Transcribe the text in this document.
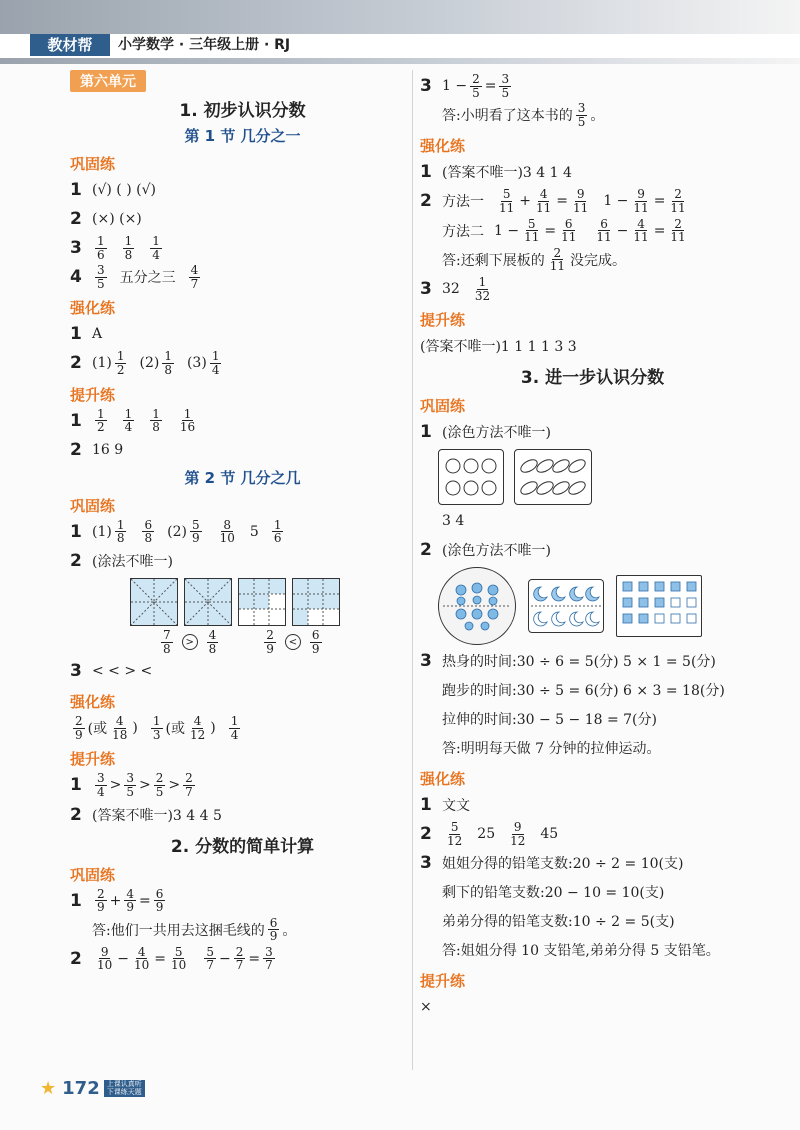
教材帮	小学数学 · 三年级上册 · RJ
第六单元
1. 初步认识分数
第 1 节 几分之一
巩固练
1 (√) ( ) (√)
2 (×) (×)
3	$\frac{1}{6} \frac{1}{8} \frac{1}{4}$
4	$\frac{3}{5}$ 五分之三 $\frac{4}{7}$
强化练
1 A
2 $(1) \frac{1}{2} (2) \frac{1}{8} (3) \frac{1}{4}$
提升练
1	$\frac{1}{2} \frac{1}{4} \frac{1}{8} \frac{1}{16}$
2 16 9
第 2 节 几分之几
巩固练
1 $(1) \frac{1}{8} \frac{6}{8} (2) \frac{5}{9} \frac{8}{10} 5 \frac{1}{6}$
2 (涂法不唯一)
$\frac{7}{8}$	>	$\frac{4}{8}$	$\frac{2}{9}$	<	$\frac{6}{9}$
3 < < > <
强化练
$\frac{2}{9}$ (或 $\frac{4}{18}$ ) $\frac{1}{3}$ (或 $\frac{4}{12}$ ) $\frac{1}{4}$
提升练
1	$\frac{3}{4} > \frac{3}{5} > \frac{2}{5} > \frac{2}{7}$
2 (答案不唯一)3 4 4 5
2. 分数的简单计算
巩固练
1	$\frac{2}{9} + \frac{4}{9} = \frac{6}{9}$
答:他们一共用去这捆毛线的 $\frac{6}{9}$ 。
2	$\frac{9}{10} - \frac{4}{10} = \frac{5}{10} \frac{5}{7} - \frac{2}{7} = \frac{3}{7}$
3 $1 - \frac{2}{5} = \frac{3}{5}$
答:小明看了这本书的 $\frac{3}{5}$ 。
强化练
1 (答案不唯一)3 4 1 4
2 方法一 $\frac{5}{11} + \frac{4}{11} = \frac{9}{11} 1 - \frac{9}{11} = \frac{2}{11}$
方法二 $1 - \frac{5}{11} = \frac{6}{11} \frac{6}{11} - \frac{4}{11} = \frac{2}{11}$
答:还剩下展板的 $\frac{2}{11}$ 没完成。
3 $32 \frac{1}{32}$
提升练
(答案不唯一)1 1 1 1 3 3
3. 进一步认识分数
巩固练
1 (涂色方法不唯一)
3 4
2 (涂色方法不唯一)
3 热身的时间:30 ÷ 6 = 5(分) 5 × 1 = 5(分)
跑步的时间:30 ÷ 5 = 6(分) 6 × 3 = 18(分)
拉伸的时间:30 − 5 − 18 = 7(分)
答:明明每天做 7 分钟的拉伸运动。
强化练
1 文文
2	$\frac{5}{12} 25 \frac{9}{12} 45$
3 姐姐分得的铅笔支数:20 ÷ 2 = 10(支)
剩下的铅笔支数:20 − 10 = 10(支)
弟弟分得的铅笔支数:10 ÷ 2 = 5(支)
答:姐姐分得 10 支铅笔,弟弟分得 5 支铅笔。
提升练
×
★ 172	上课认真听
下课练天题
